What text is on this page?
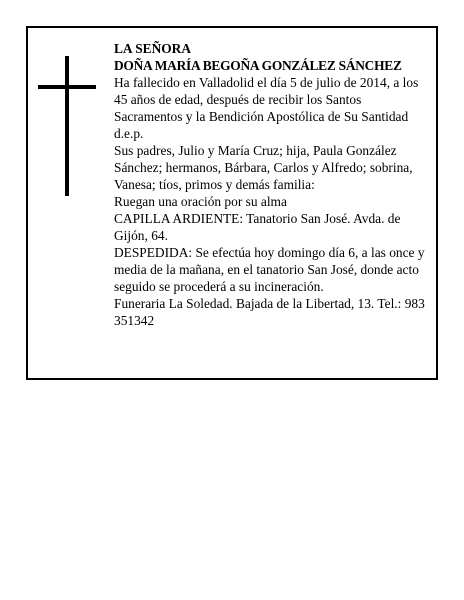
LA SEÑORA

DOÑA MARÍA BEGOÑA GONZÁLEZ SÁNCHEZ

Ha fallecido en Valladolid el día 5 de julio de 2014, a los 45 años de edad, después de recibir los Santos Sacramentos y la Bendición Apostólica de Su Santidad d.e.p.

Sus padres, Julio y María Cruz; hija, Paula González Sánchez; hermanos, Bárbara, Carlos y Alfredo; sobrina, Vanesa; tíos, primos y demás familia:

Ruegan una oración por su alma

CAPILLA ARDIENTE: Tanatorio San José. Avda. de Gijón, 64.

DESPEDIDA: Se efectúa hoy domingo día 6, a las once y media de la mañana, en el tanatorio San José, donde acto seguido se procederá a su incineración.

Funeraria La Soledad. Bajada de la Libertad, 13. Tel.: 983 351342
